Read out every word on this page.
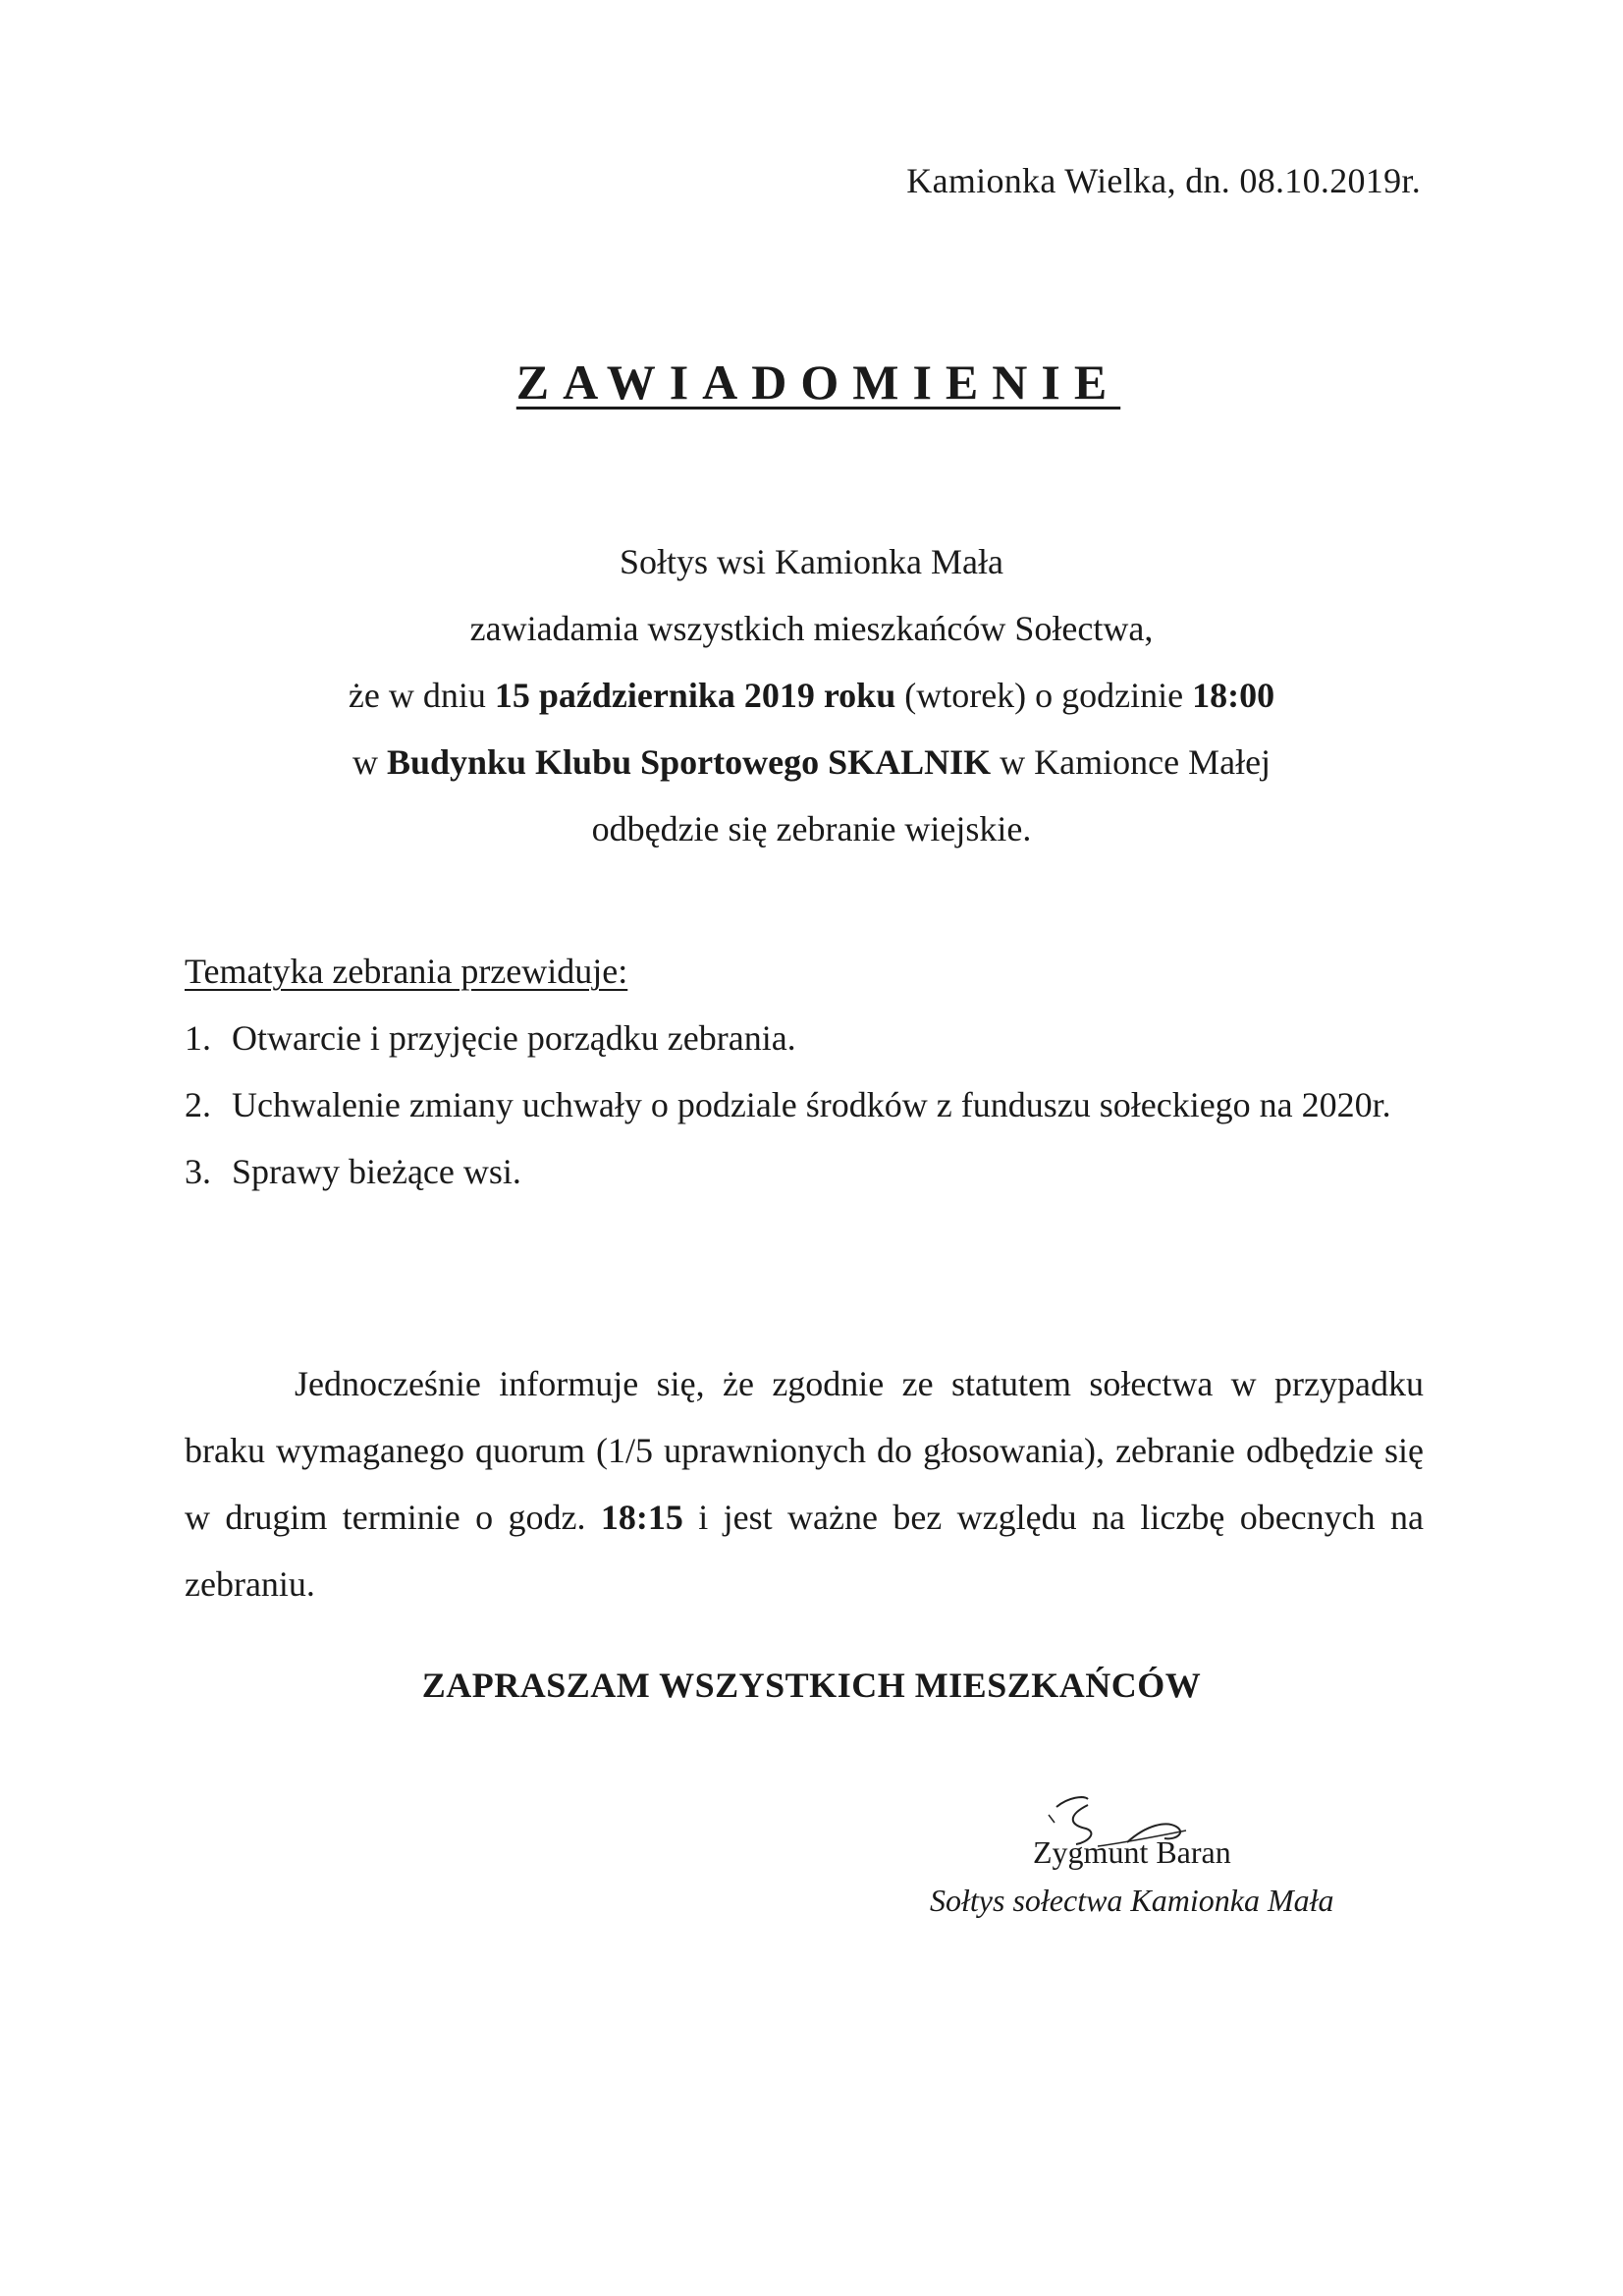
Kamionka Wielka, dn. 08.10.2019r.
ZAWIADOMIENIE
Sołtys wsi Kamionka Mała
zawiadamia wszystkich mieszkańców Sołectwa,
że w dniu 15 października 2019 roku (wtorek) o godzinie 18:00
w Budynku Klubu Sportowego SKALNIK w Kamionce Małej
odbędzie się zebranie wiejskie.
Tematyka zebrania przewiduje:
1. Otwarcie i przyjęcie porządku zebrania.
2. Uchwalenie zmiany uchwały o podziale środków z funduszu sołeckiego na 2020r.
3. Sprawy bieżące wsi.

Jednocześnie informuje się, że zgodnie ze statutem sołectwa w przypadku braku wymaganego quorum (1/5 uprawnionych do głosowania), zebranie odbędzie się w drugim terminie o godz. 18:15 i jest ważne bez względu na liczbę obecnych na zebraniu.

ZAPRASZAM WSZYSTKICH MIESZKAŃCÓW
Zygmunt Baran
Sołtys sołectwa Kamionka Mała
